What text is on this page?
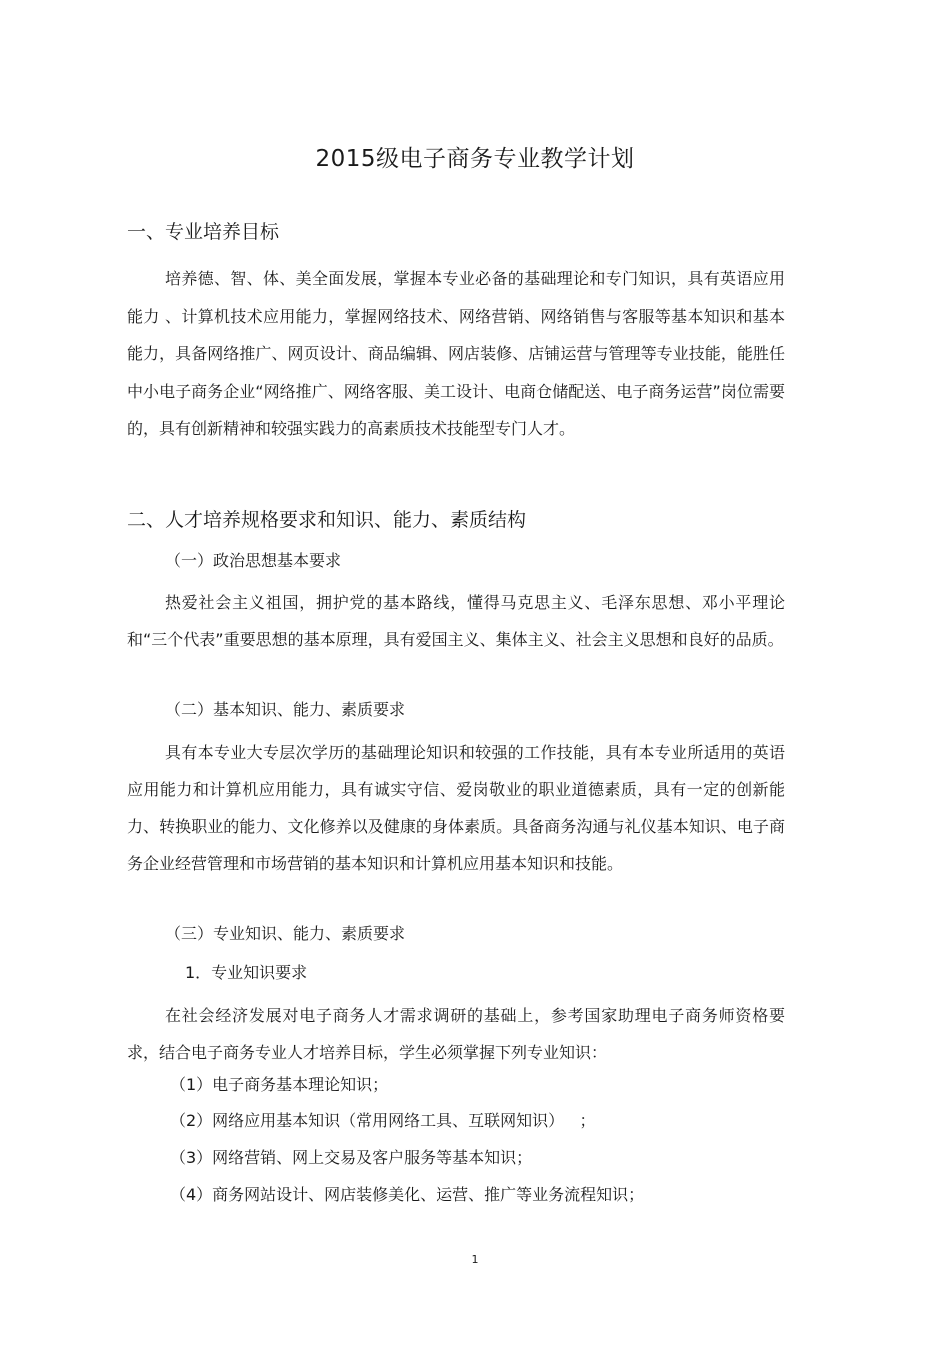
2015级电子商务专业教学计划
一、专业培养目标
培养德、智、体、美全面发展，掌握本专业必备的基础理论和专门知识，具有英语应用能力 、计算机技术应用能力，掌握网络技术、网络营销、网络销售与客服等基本知识和基本能力，具备网络推广、网页设计、商品编辑、网店装修、店铺运营与管理等专业技能，能胜任中小电子商务企业“网络推广、网络客服、美工设计、电商仓储配送、电子商务运营”岗位需要的，具有创新精神和较强实践力的高素质技术技能型专门人才。
二、人才培养规格要求和知识、能力、素质结构
（一）政治思想基本要求
热爱社会主义祖国，拥护党的基本路线，懂得马克思主义、毛泽东思想、邓小平理论和“三个代表”重要思想的基本原理，具有爱国主义、集体主义、社会主义思想和良好的品质。
（二）基本知识、能力、素质要求
具有本专业大专层次学历的基础理论知识和较强的工作技能，具有本专业所适用的英语应用能力和计算机应用能力，具有诚实守信、爱岗敬业的职业道德素质，具有一定的创新能力、转换职业的能力、文化修养以及健康的身体素质。具备商务沟通与礼仪基本知识、电子商务企业经营管理和市场营销的基本知识和计算机应用基本知识和技能。
（三）专业知识、能力、素质要求
1．专业知识要求
在社会经济发展对电子商务人才需求调研的基础上，参考国家助理电子商务师资格要求，结合电子商务专业人才培养目标，学生必须掌握下列专业知识：
（1）电子商务基本理论知识；
（2）网络应用基本知识（常用网络工具、互联网知识）   ；
（3）网络营销、网上交易及客户服务等基本知识；
（4）商务网站设计、网店装修美化、运营、推广等业务流程知识；
1
